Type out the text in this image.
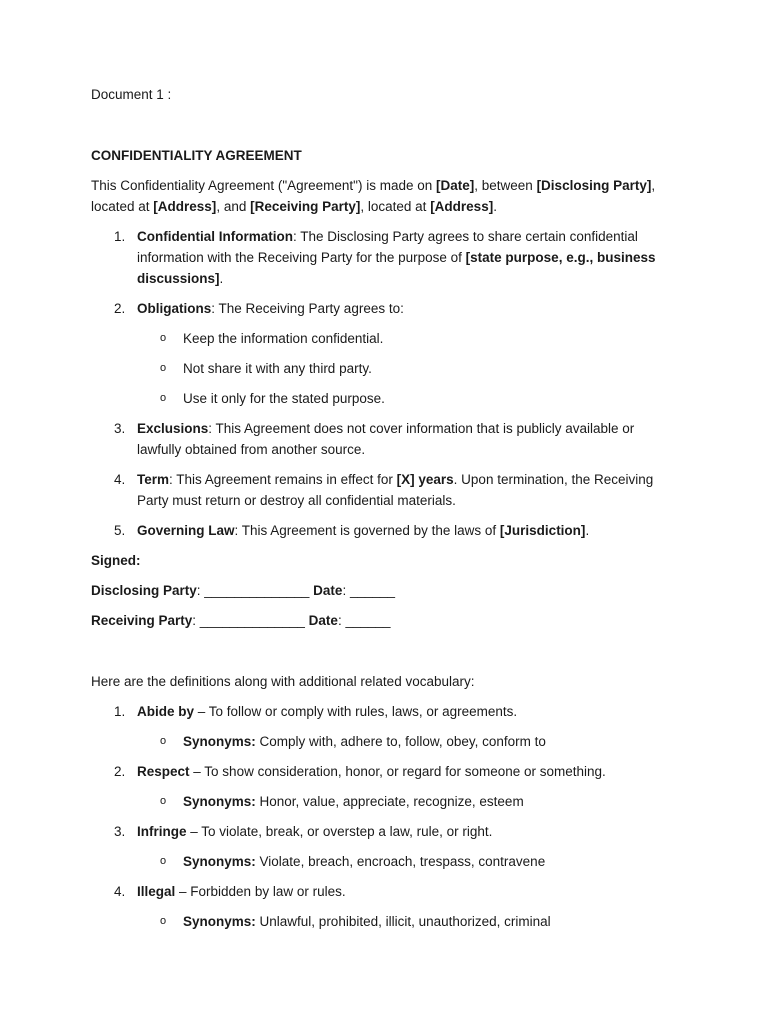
Document 1 :

CONFIDENTIALITY AGREEMENT

This Confidentiality Agreement ("Agreement") is made on [Date], between [Disclosing Party], located at [Address], and [Receiving Party], located at [Address].

1. Confidential Information: The Disclosing Party agrees to share certain confidential information with the Receiving Party for the purpose of [state purpose, e.g., business discussions].
2. Obligations: The Receiving Party agrees to:
o Keep the information confidential.
o Not share it with any third party.
o Use it only for the stated purpose.
3. Exclusions: This Agreement does not cover information that is publicly available or lawfully obtained from another source.
4. Term: This Agreement remains in effect for [X] years. Upon termination, the Receiving Party must return or destroy all confidential materials.
5. Governing Law: This Agreement is governed by the laws of [Jurisdiction].

Signed:

Disclosing Party: ______________ Date: ______

Receiving Party: ______________ Date: ______

Here are the definitions along with additional related vocabulary:

1. Abide by – To follow or comply with rules, laws, or agreements.
o Synonyms: Comply with, adhere to, follow, obey, conform to
2. Respect – To show consideration, honor, or regard for someone or something.
o Synonyms: Honor, value, appreciate, recognize, esteem
3. Infringe – To violate, break, or overstep a law, rule, or right.
o Synonyms: Violate, breach, encroach, trespass, contravene
4. Illegal – Forbidden by law or rules.
o Synonyms: Unlawful, prohibited, illicit, unauthorized, criminal
